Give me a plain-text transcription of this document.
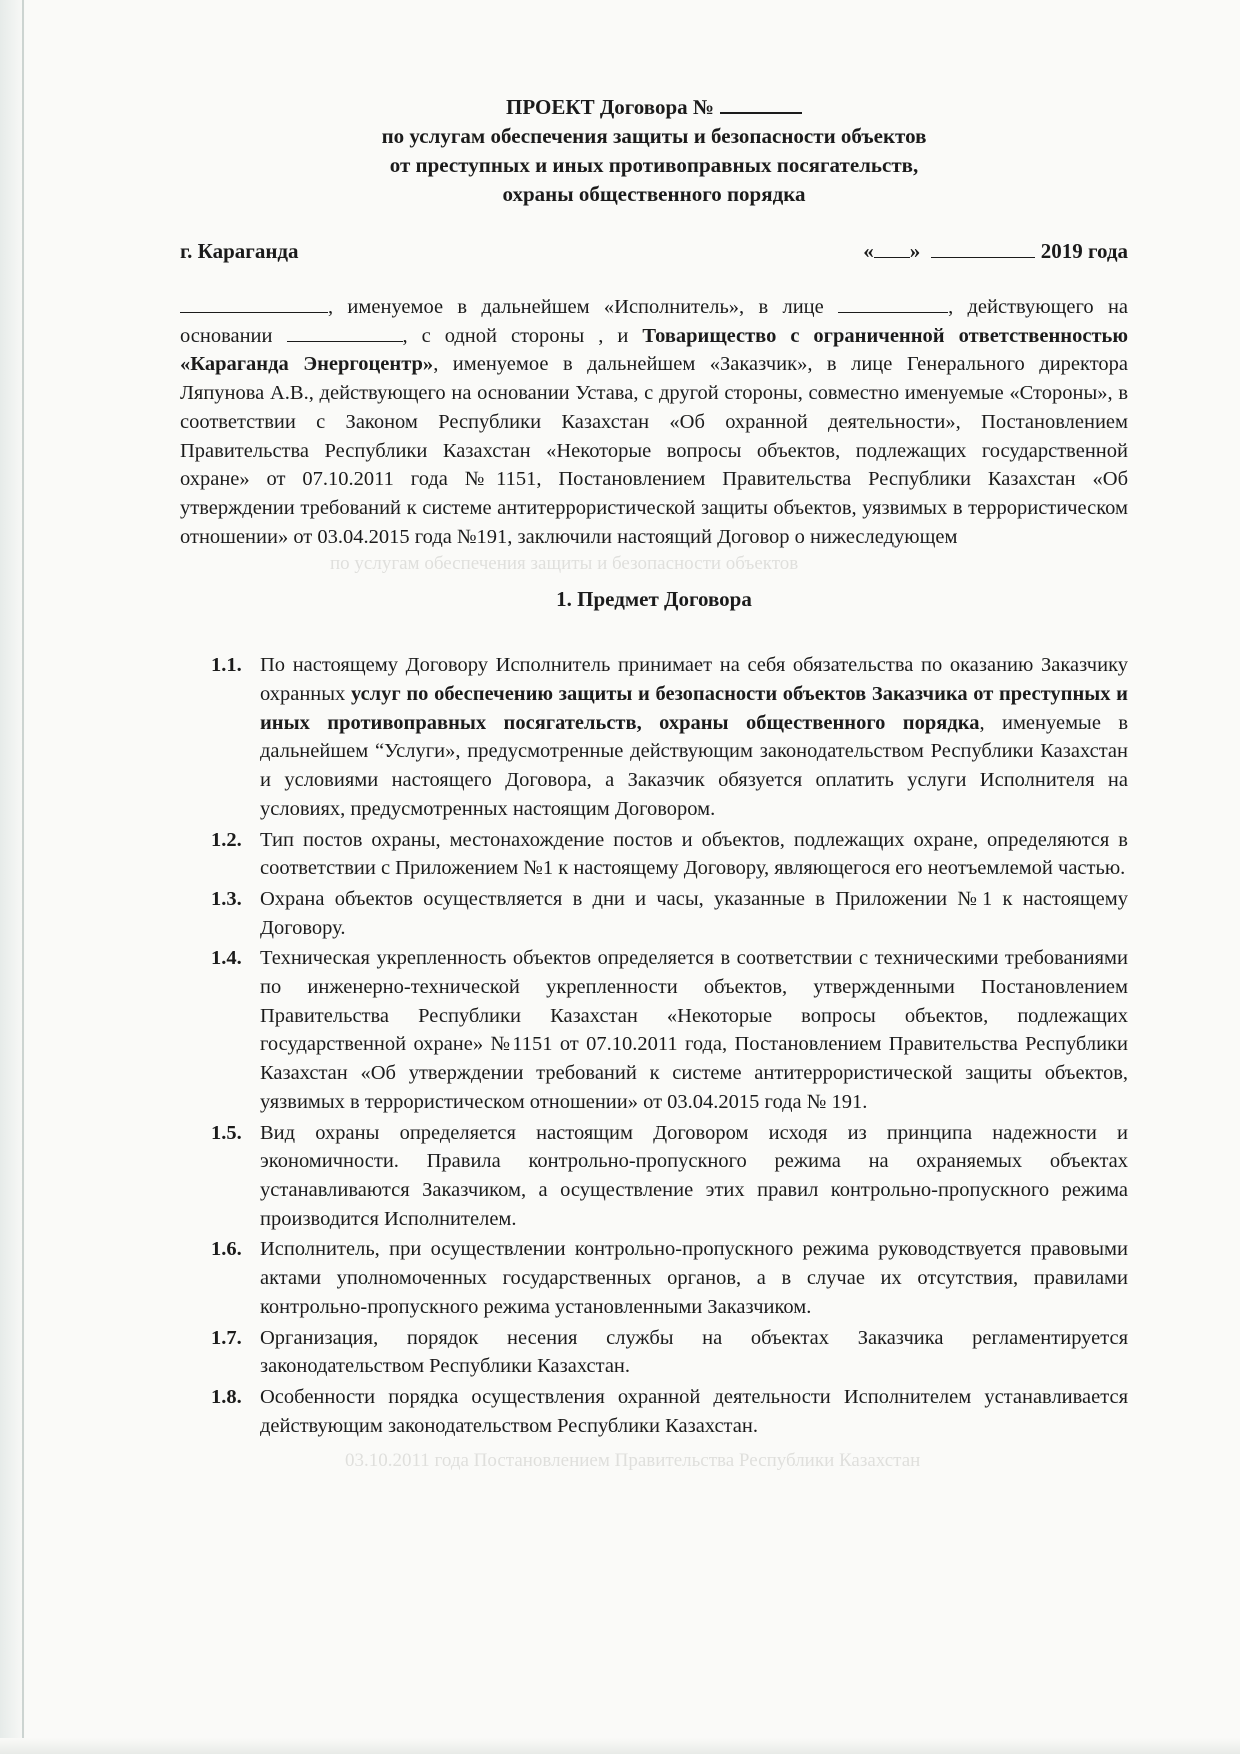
ПРОЕКТ Договора №
по услугам обеспечения защиты и безопасности объектов
от преступных и иных противоправных посягательств,
охраны общественного порядка
г. Караганда	« »	2019 года
, именуемое в дальнейшем «Исполнитель», в лице	, действующего на основании	, с одной стороны , и Товарищество с ограниченной ответственностью «Караганда Энергоцентр», именуемое в дальнейшем «Заказчик», в лице Генерального директора Ляпунова А.В., действующего на основании Устава, с другой стороны, совместно именуемые «Стороны», в соответствии с Законом Республики Казахстан «Об охранной деятельности», Постановлением Правительства Республики Казахстан «Некоторые вопросы объектов, подлежащих государственной охране» от 07.10.2011 года №1151, Постановлением Правительства Республики Казахстан «Об утверждении требований к системе антитеррористической защиты объектов, уязвимых в террористическом отношении» от 03.04.2015 года №191, заключили настоящий Договор о нижеследующем
1. Предмет Договора
1.1. По настоящему Договору Исполнитель принимает на себя обязательства по оказанию Заказчику охранных услуг по обеспечению защиты и безопасности объектов Заказчика от преступных и иных противоправных посягательств, охраны общественного порядка, именуемые в дальнейшем “Услуги», предусмотренные действующим законодательством Республики Казахстан и условиями настоящего Договора, а Заказчик обязуется оплатить услуги Исполнителя на условиях, предусмотренных настоящим Договором.
1.2. Тип постов охраны, местонахождение постов и объектов, подлежащих охране, определяются в соответствии с Приложением №1 к настоящему Договору, являющегося его неотъемлемой частью.
1.3. Охрана объектов осуществляется в дни и часы, указанные в Приложении №1 к настоящему Договору.
1.4. Техническая укрепленность объектов определяется в соответствии с техническими требованиями по инженерно-технической укрепленности объектов, утвержденными Постановлением Правительства Республики Казахстан «Некоторые вопросы объектов, подлежащих государственной охране» №1151 от 07.10.2011 года, Постановлением Правительства Республики Казахстан «Об утверждении требований к системе антитеррористической защиты объектов, уязвимых в террористическом отношении» от 03.04.2015 года № 191.
1.5. Вид охраны определяется настоящим Договором исходя из принципа надежности и экономичности. Правила контрольно-пропускного режима на охраняемых объектах устанавливаются Заказчиком, а осуществление этих правил контрольно-пропускного режима производится Исполнителем.
1.6. Исполнитель, при осуществлении контрольно-пропускного режима руководствуется правовыми актами уполномоченных государственных органов, а в случае их отсутствия, правилами контрольно-пропускного режима установленными Заказчиком.
1.7. Организация, порядок несения службы на объектах Заказчика регламентируется законодательством Республики Казахстан.
1.8. Особенности порядка осуществления охранной деятельности Исполнителем устанавливается действующим законодательством Республики Казахстан.
по услугам обеспечения защиты и безопасности объектов
03.10.2011 года Постановлением Правительства Республики Казахстан
